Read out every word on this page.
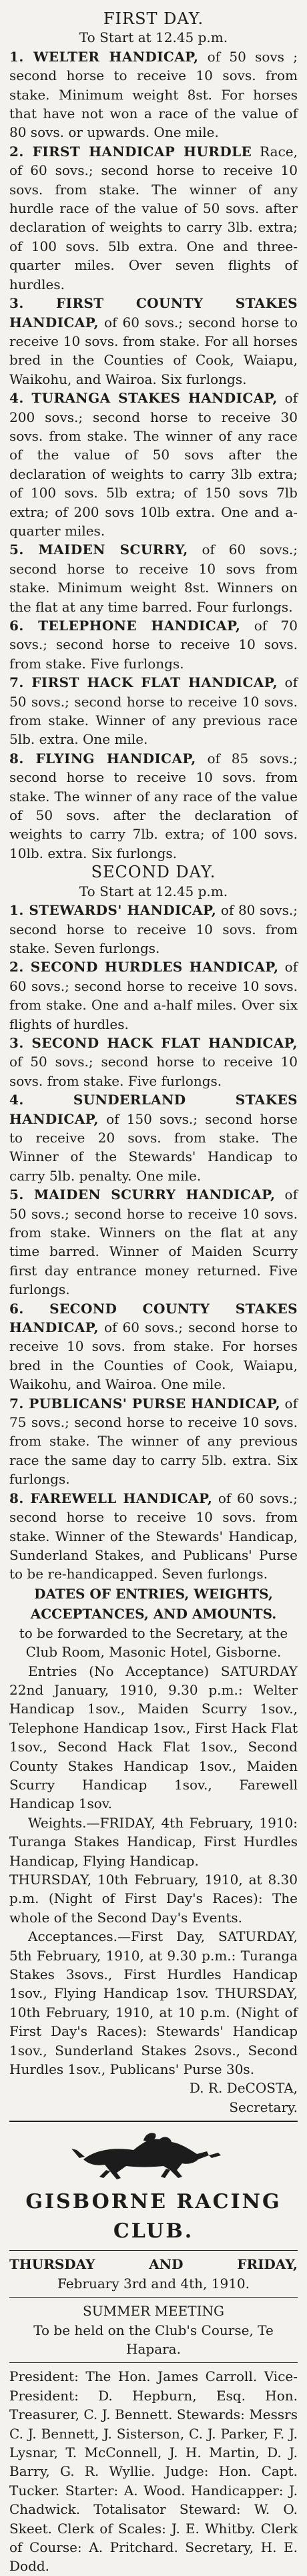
FIRST DAY.
To Start at 12.45 p.m.

1. WELTER HANDICAP, of 50 sovs ; second horse to receive 10 sovs. from stake. Minimum weight 8st. For horses that have not won a race of the value of 80 sovs. or upwards. One mile.

2. FIRST HANDICAP HURDLE Race, of 60 sovs.; second horse to receive 10 sovs. from stake. The winner of any hurdle race of the value of 50 sovs. after declaration of weights to carry 3lb. extra; of 100 sovs. 5lb extra. One and three-quarter miles. Over seven flights of hurdles.

3. FIRST COUNTY STAKES HANDICAP, of 60 sovs.; second horse to receive 10 sovs. from stake. For all horses bred in the Counties of Cook, Waiapu, Waikohu, and Wairoa. Six furlongs.

4. TURANGA STAKES HANDICAP, of 200 sovs.; second horse to receive 30 sovs. from stake. The winner of any race of the value of 50 sovs after the declaration of weights to carry 3lb extra; of 100 sovs. 5lb extra; of 150 sovs 7lb extra; of 200 sovs 10lb extra. One and a-quarter miles.

5. MAIDEN SCURRY, of 60 sovs.; second horse to receive 10 sovs from stake. Minimum weight 8st. Winners on the flat at any time barred. Four furlongs.

6. TELEPHONE HANDICAP, of 70 sovs.; second horse to receive 10 sovs. from stake. Five furlongs.

7. FIRST HACK FLAT HANDICAP, of 50 sovs.; second horse to receive 10 sovs. from stake. Winner of any previous race 5lb. extra. One mile.

8. FLYING HANDICAP, of 85 sovs.; second horse to receive 10 sovs. from stake. The winner of any race of the value of 50 sovs. after the declaration of weights to carry 7lb. extra; of 100 sovs. 10lb. extra. Six furlongs.

SECOND DAY.
To Start at 12.45 p.m.

1. STEWARDS' HANDICAP, of 80 sovs.; second horse to receive 10 sovs. from stake. Seven furlongs.

2. SECOND HURDLES HANDICAP, of 60 sovs.; second horse to receive 10 sovs. from stake. One and a-half miles. Over six flights of hurdles.

3. SECOND HACK FLAT HANDICAP, of 50 sovs.; second horse to receive 10 sovs. from stake. Five furlongs.

4. SUNDERLAND STAKES HANDICAP, of 150 sovs.; second horse to receive 20 sovs. from stake. The Winner of the Stewards' Handicap to carry 5lb. penalty. One mile.

5. MAIDEN SCURRY HANDICAP, of 50 sovs.; second horse to receive 10 sovs. from stake. Winners on the flat at any time barred. Winner of Maiden Scurry first day entrance money returned. Five furlongs.

6. SECOND COUNTY STAKES HANDICAP, of 60 sovs.; second horse to receive 10 sovs. from stake. For horses bred in the Counties of Cook, Waiapu, Waikohu, and Wairoa. One mile.

7. PUBLICANS' PURSE HANDICAP, of 75 sovs.; second horse to receive 10 sovs. from stake. The winner of any previous race the same day to carry 5lb. extra. Six furlongs.

8. FAREWELL HANDICAP, of 60 sovs.; second horse to receive 10 sovs. from stake. Winner of the Stewards' Handicap, Sunderland Stakes, and Publicans' Purse to be re-handicapped. Seven furlongs.

DATES OF ENTRIES, WEIGHTS, ACCEPTANCES, AND AMOUNTS.

to be forwarded to the Secretary, at the Club Room, Masonic Hotel, Gisborne.

Entries (No Acceptance) SATURDAY 22nd January, 1910, 9.30 p.m.: Welter Handicap 1sov., Maiden Scurry 1sov., Telephone Handicap 1sov., First Hack Flat 1sov., Second Hack Flat 1sov., Second County Stakes Handicap 1sov., Maiden Scurry Handicap 1sov., Farewell Handicap 1sov.

Weights.—FRIDAY, 4th February, 1910: Turanga Stakes Handicap, First Hurdles Handicap, Flying Handicap.

THURSDAY, 10th February, 1910, at 8.30 p.m. (Night of First Day's Races): The whole of the Second Day's Events.

Acceptances.—First Day, SATURDAY, 5th February, 1910, at 9.30 p.m.: Turanga Stakes 3sovs., First Hurdles Handicap 1sov., Flying Handicap 1sov. THURSDAY, 10th February, 1910, at 10 p.m. (Night of First Day's Races): Stewards' Handicap 1sov., Sunderland Stakes 2sovs., Second Hurdles 1sov., Publicans' Purse 30s.

D. R. DeCOSTA,
Secretary.
GISBORNE RACING CLUB.
THURSDAY	AND	FRIDAY,
February 3rd and 4th, 1910.
SUMMER MEETING

To be held on the Club's Course, Te Hapara.

President: The Hon. James Carroll. Vice-President: D. Hepburn, Esq. Hon. Treasurer, C. J. Bennett. Stewards: Messrs C. J. Bennett, J. Sisterson, C. J. Parker, F. J. Lysnar, T. McConnell, J. H. Martin, D. J. Barry, G. R. Wyllie. Judge: Hon. Capt. Tucker. Starter: A. Wood. Handicapper: J. Chadwick. Totalisator Steward: W. O. Skeet. Clerk of Scales: J. E. Whitby. Clerk of Course: A. Pritchard. Secretary, H. E. Dodd.
